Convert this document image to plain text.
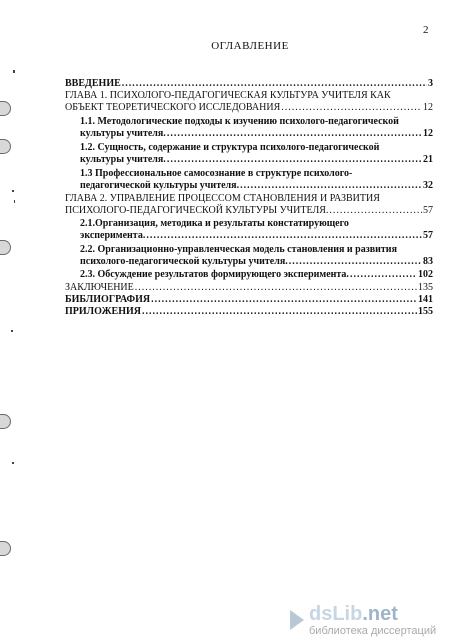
2
ОГЛАВЛЕНИЕ
ВВЕДЕНИЕ .....	3
ГЛАВА 1. ПСИХОЛОГО-ПЕДАГОГИЧЕСКАЯ КУЛЬТУРА УЧИТЕЛЯ КАК
ОБЪЕКТ ТЕОРЕТИЧЕСКОГО ИССЛЕДОВАНИЯ .....	12
1.1. Методологические подходы к изучению психолого-педагогической
культуры учителя. .....	12
1.2. Сущность, содержание и структура психолого-педагогической
культуры учителя. .....	21
1.3 Профессиональное самосознание в структуре психолого-
педагогической культуры учителя. .....	32
ГЛАВА 2. УПРАВЛЕНИЕ ПРОЦЕССОМ СТАНОВЛЕНИЯ И РАЗВИТИЯ
ПСИХОЛОГО-ПЕДАГОГИЧЕСКОЙ КУЛЬТУРЫ УЧИТЕЛЯ. .....	57
2.1.Организация, методика и результаты констатирующего
эксперимента. .....	57
2.2. Организационно-управленческая модель становления и развития
психолого-педагогической культуры учителя. .....	83
2.3. Обсуждение результатов формирующего эксперимента. .....	102
ЗАКЛЮЧЕНИЕ .....	135
БИБЛИОГРАФИЯ .....	141
ПРИЛОЖЕНИЯ .....	155
dsLib.net
библиотека диссертаций
